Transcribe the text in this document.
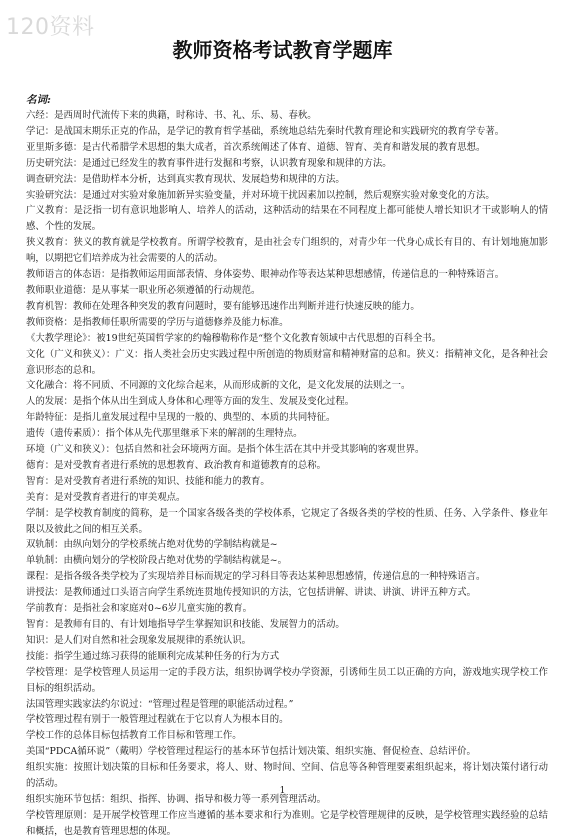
120资料
教师资格考试教育学题库
名词:

六经：是西周时代流传下来的典籍，时称诗、书、礼、乐、易、春秋。

学记：是战国末期乐正克的作品，是学记的教育哲学基础，系统地总结先秦时代教育理论和实践研究的教育学专著。

亚里斯多德：是古代希腊学术思想的集大成者，首次系统阐述了体育、道德、智育、美育和谐发展的教育思想。

历史研究法：是通过已经发生的教育事件进行发掘和考察，认识教育现象和规律的方法。

调查研究法：是借助样本分析，达到真实教育现状、发展趋势和规律的方法。

实验研究法：是通过对实验对象施加新异实验变量，并对环境干扰因素加以控制，然后观察实验对象变化的方法。

广义教育：是泛指一切有意识地影响人、培养人的活动，这种活动的结果在不同程度上都可能使人增长知识才干或影响人的情感、个性的发展。

狭义教育：狭义的教育就是学校教育。所谓学校教育，是由社会专门组织的，对青少年一代身心成长有目的、有计划地施加影响，以期把它们培养成为社会需要的人的活动。

教师语言的体态语：是指教师运用面部表情、身体姿势、眼神动作等表达某种思想感情，传递信息的一种特殊语言。

教师职业道德：是从事某一职业所必须遵循的行动规范。

教育机智：教师在处理各种突发的教育问题时，要有能够迅速作出判断并进行快速反映的能力。

教师资格：是指教师任职所需要的学历与道德修养及能力标准。

《大教学理论》：被19世纪英国哲学家的约翰穆勒称作是“整个文化教育领域中古代思想的百科全书。

文化（广义和狭义）：广义：指人类社会历史实践过程中所创造的物质财富和精神财富的总和。狭义：指精神文化，是各种社会意识形态的总和。

文化融合：将不同质、不同源的文化综合起来，从而形成新的文化，是文化发展的法则之一。

人的发展：是指个体从出生到成人身体和心理等方面的发生、发展及变化过程。

年龄特征：是指儿童发展过程中呈现的一般的、典型的、本质的共同特征。

遗传（遗传素质）：指个体从先代那里继承下来的解剖的生理特点。

环境（广义和狭义）：包括自然和社会环境两方面。是指个体生活在其中并受其影响的客观世界。

德育：是对受教育者进行系统的思想教育、政治教育和道德教育的总称。

智育：是对受教育者进行系统的知识、技能和能力的教育。

美育：是对受教育者进行的审美观点。

学制：是学校教育制度的简称，是一个国家各级各类的学校体系，它规定了各级各类的学校的性质、任务、入学条件、修业年限以及彼此之间的相互关系。

双轨制：由纵向划分的学校系统占绝对优势的学制结构就是~

单轨制：由横向划分的学校阶段占绝对优势的学制结构就是~。

课程：是指各级各类学校为了实现培养目标而规定的学习科目等表达某种思想感情，传递信息的一种特殊语言。

讲授法：是教师通过口头语言向学生系统连贯地传授知识的方法，它包括讲解、讲读、讲演、讲评五种方式。

学前教育：是指社会和家庭对0~6岁儿童实施的教育。

智育：是教师有目的、有计划地指导学生掌握知识和技能、发展智力的活动。

知识：是人们对自然和社会现象发展规律的系统认识。

技能：指学生通过练习获得的能顺利完成某种任务的行为方式

学校管理：是学校管理人员运用一定的手段方法，组织协调学校办学资源，引诱师生员工以正确的方向，游戏地实现学校工作目标的组织活动。

法国管理实践家法约尔说过：“管理过程是管理的职能活动过程。”

学校管理过程有别于一般管理过程就在于它以育人为根本目的。

学校工作的总体目标包括教育工作目标和管理工作。

美国“PDCA循环说”（戴明）学校管理过程运行的基本环节包括计划决策、组织实施、督促检查、总结评价。

组织实施：按照计划决策的目标和任务要求，将人、财、物时间、空间、信息等各种管理要素组织起来，将计划决策付诸行动的活动。

组织实施环节包括：组织、指挥、协调、指导和极力等一系列管理活动。

学校管理原则：是开展学校管理工作应当遵循的基本要求和行为准则。它是学校管理规律的反映，是学校管理实践经验的总结和概括，也是教育管理思想的体现。

1
